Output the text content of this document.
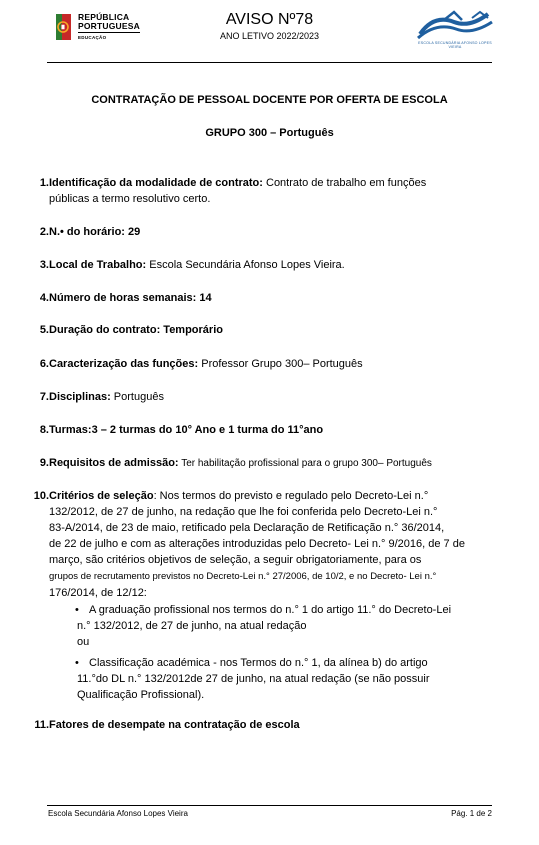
REPÚBLICA
PORTUGUESA
EDUCAÇÃO
AVISO Nº78
ANO LETIVO 2022/2023
ESCOLA SECUNDÁRIA AFONSO LOPES VIEIRA
CONTRATAÇÃO DE PESSOAL DOCENTE POR OFERTA DE ESCOLA
GRUPO 300 – Português
1. Identificação da modalidade de contrato: Contrato de trabalho em funções
públicas a termo resolutivo certo.
2. N.• do horário: 29
3. Local de Trabalho: Escola Secundária Afonso Lopes Vieira.
4. Número de horas semanais: 14
5. Duração do contrato: Temporário
6. Caracterização das funções: Professor Grupo 300– Português
7. Disciplinas: Português
8. Turmas:3 – 2 turmas do 10° Ano e 1 turma do 11°ano
9. Requisitos de admissão: Ter habilitação profissional para o grupo 300– Português
10. Critérios de seleção: Nos termos do previsto e regulado pelo Decreto-Lei n.°
132/2012, de 27 de junho, na redação que lhe foi conferida pelo Decreto-Lei n.°
83-A/2014, de 23 de maio, retificado pela Declaração de Retificação n.° 36/2014,
de 22 de julho e com as alterações introduzidas pelo Decreto- Lei n.° 9/2016, de 7 de
março, são critérios objetivos de seleção, a seguir obrigatoriamente, para os
grupos de recrutamento previstos no Decreto-Lei n.° 27/2006, de 10/2, e no Decreto- Lei n.°
176/2014, de 12/12:
• A graduação profissional nos termos do n.° 1 do artigo 11.° do Decreto-Lei
n.° 132/2012, de 27 de junho, na atual redação
ou
• Classificação académica - nos Termos do n.° 1, da alínea b) do artigo
11.°do DL n.° 132/2012de 27 de junho, na atual redação (se não possuir
Qualificação Profissional).
11. Fatores de desempate na contratação de escola
Escola Secundária Afonso Lopes Vieira	Pág. 1 de 2
